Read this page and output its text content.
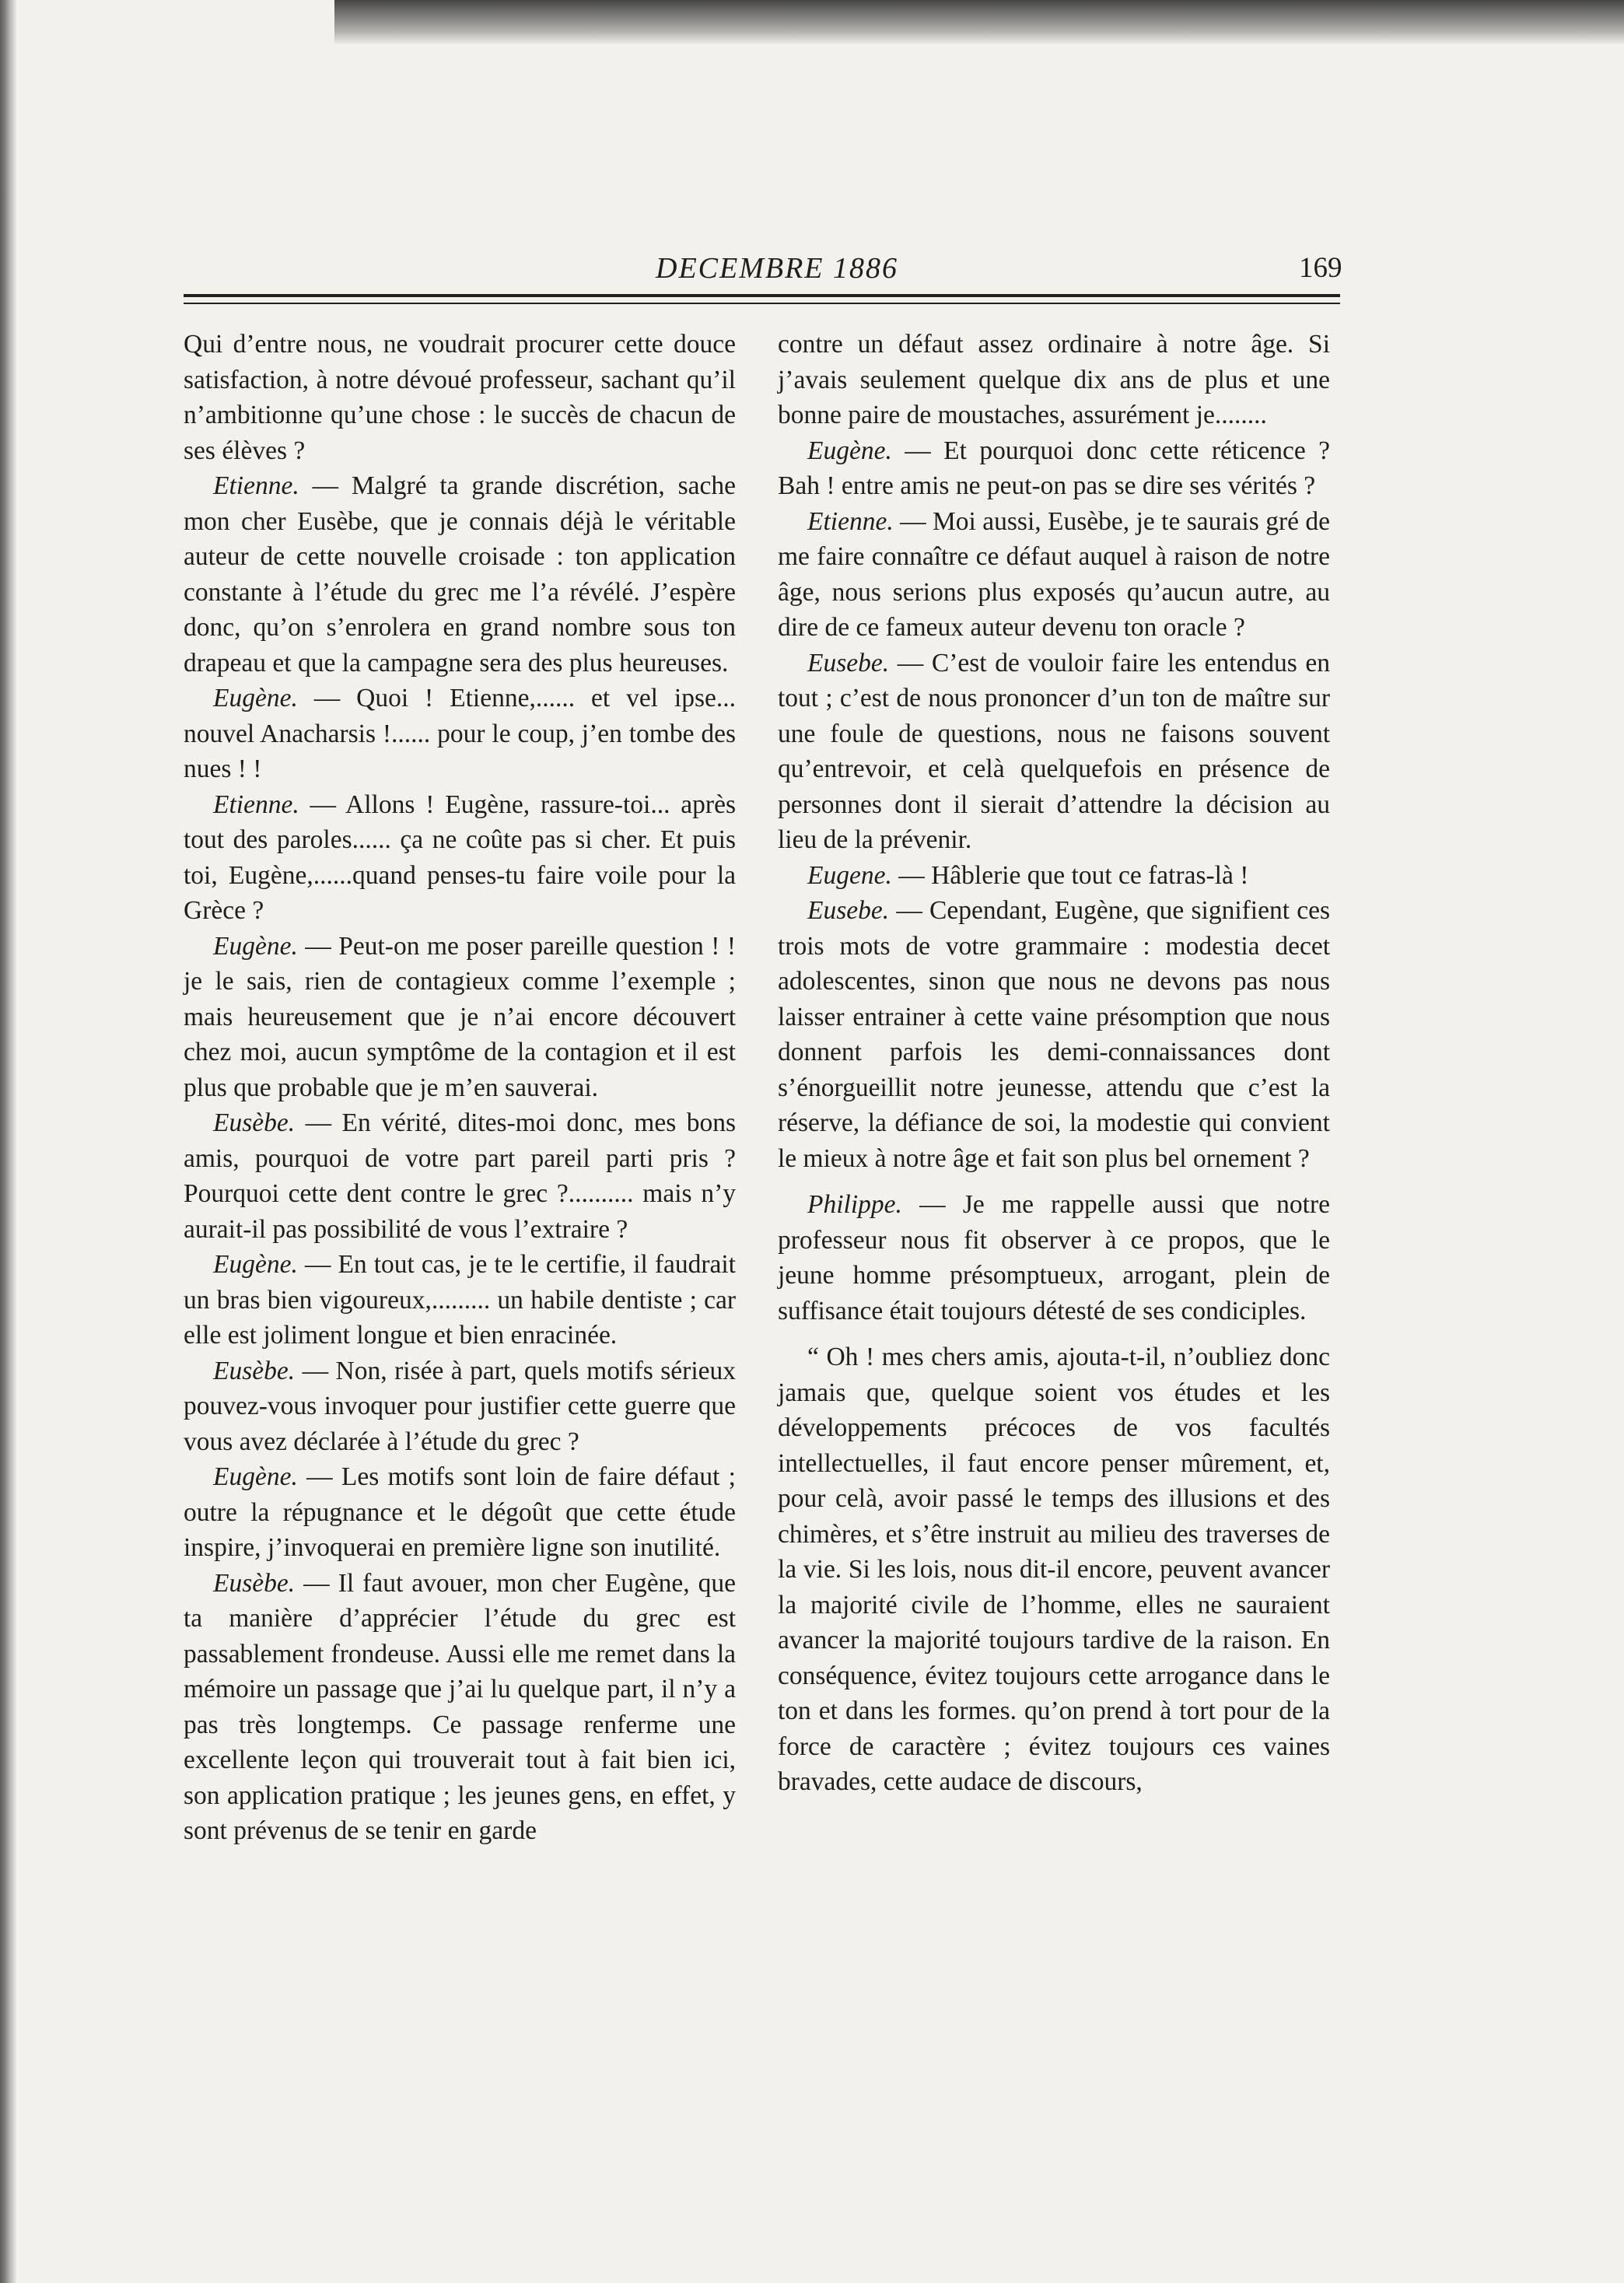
DECEMBRE 1886	169

Qui d’entre nous, ne voudrait procurer cette douce satisfaction, à notre dévoué professeur, sachant qu’il n’ambitionne qu’une chose : le succès de chacun de ses élèves ?

Etienne. — Malgré ta grande discrétion, sache mon cher Eusèbe, que je connais déjà le véritable auteur de cette nouvelle croisade : ton application constante à l’étude du grec me l’a révélé. J’espère donc, qu’on s’enrolera en grand nombre sous ton drapeau et que la campagne sera des plus heureuses.

Eugène. — Quoi ! Etienne,...... et vel ipse... nouvel Anacharsis !...... pour le coup, j’en tombe des nues ! !

Etienne. — Allons ! Eugène, rassure-toi... après tout des paroles...... ça ne coûte pas si cher. Et puis toi, Eugène,......quand penses-tu faire voile pour la Grèce ?

Eugène. — Peut-on me poser pareille question ! ! je le sais, rien de contagieux comme l’exemple ; mais heureusement que je n’ai encore découvert chez moi, aucun symptôme de la contagion et il est plus que probable que je m’en sauverai.

Eusèbe. — En vérité, dites-moi donc, mes bons amis, pourquoi de votre part pareil parti pris ? Pourquoi cette dent contre le grec ?.......... mais n’y aurait-il pas possibilité de vous l’extraire ?

Eugène. — En tout cas, je te le certifie, il faudrait un bras bien vigoureux,......... un habile dentiste ; car elle est joliment longue et bien enracinée.

Eusèbe. — Non, risée à part, quels motifs sérieux pouvez-vous invoquer pour justifier cette guerre que vous avez déclarée à l’étude du grec ?

Eugène. — Les motifs sont loin de faire défaut ; outre la répugnance et le dégoût que cette étude inspire, j’invoquerai en première ligne son inutilité.

Eusèbe. — Il faut avouer, mon cher Eugène, que ta manière d’apprécier l’étude du grec est passablement frondeuse. Aussi elle me remet dans la mémoire un passage que j’ai lu quelque part, il n’y a pas très longtemps. Ce passage renferme une excellente leçon qui trouverait tout à fait bien ici, son application pratique ; les jeunes gens, en effet, y sont prévenus de se tenir en garde

contre un défaut assez ordinaire à notre âge. Si j’avais seulement quelque dix ans de plus et une bonne paire de moustaches, assurément je........

Eugène. — Et pourquoi donc cette réticence ? Bah ! entre amis ne peut-on pas se dire ses vérités ?

Etienne. — Moi aussi, Eusèbe, je te saurais gré de me faire connaître ce défaut auquel à raison de notre âge, nous serions plus exposés qu’aucun autre, au dire de ce fameux auteur devenu ton oracle ?

Eusebe. — C’est de vouloir faire les entendus en tout ; c’est de nous prononcer d’un ton de maître sur une foule de questions, nous ne faisons souvent qu’entrevoir, et celà quelquefois en présence de personnes dont il sierait d’attendre la décision au lieu de la prévenir.

Eugene. — Hâblerie que tout ce fatras-là !

Eusebe. — Cependant, Eugène, que signifient ces trois mots de votre grammaire : modestia decet adolescentes, sinon que nous ne devons pas nous laisser entrainer à cette vaine présomption que nous donnent parfois les demi-connaissances dont s’énorgueillit notre jeunesse, attendu que c’est la réserve, la défiance de soi, la modestie qui convient le mieux à notre âge et fait son plus bel ornement ?

Philippe. — Je me rappelle aussi que notre professeur nous fit observer à ce propos, que le jeune homme présomptueux, arrogant, plein de suffisance était toujours détesté de ses condiciples.

“ Oh ! mes chers amis, ajouta-t-il, n’oubliez donc jamais que, quelque soient vos études et les développements précoces de vos facultés intellectuelles, il faut encore penser mûrement, et, pour celà, avoir passé le temps des illusions et des chimères, et s’être instruit au milieu des traverses de la vie. Si les lois, nous dit-il encore, peuvent avancer la majorité civile de l’homme, elles ne sauraient avancer la majorité toujours tardive de la raison. En conséquence, évitez toujours cette arrogance dans le ton et dans les formes. qu’on prend à tort pour de la force de caractère ; évitez toujours ces vaines bravades, cette audace de discours,
